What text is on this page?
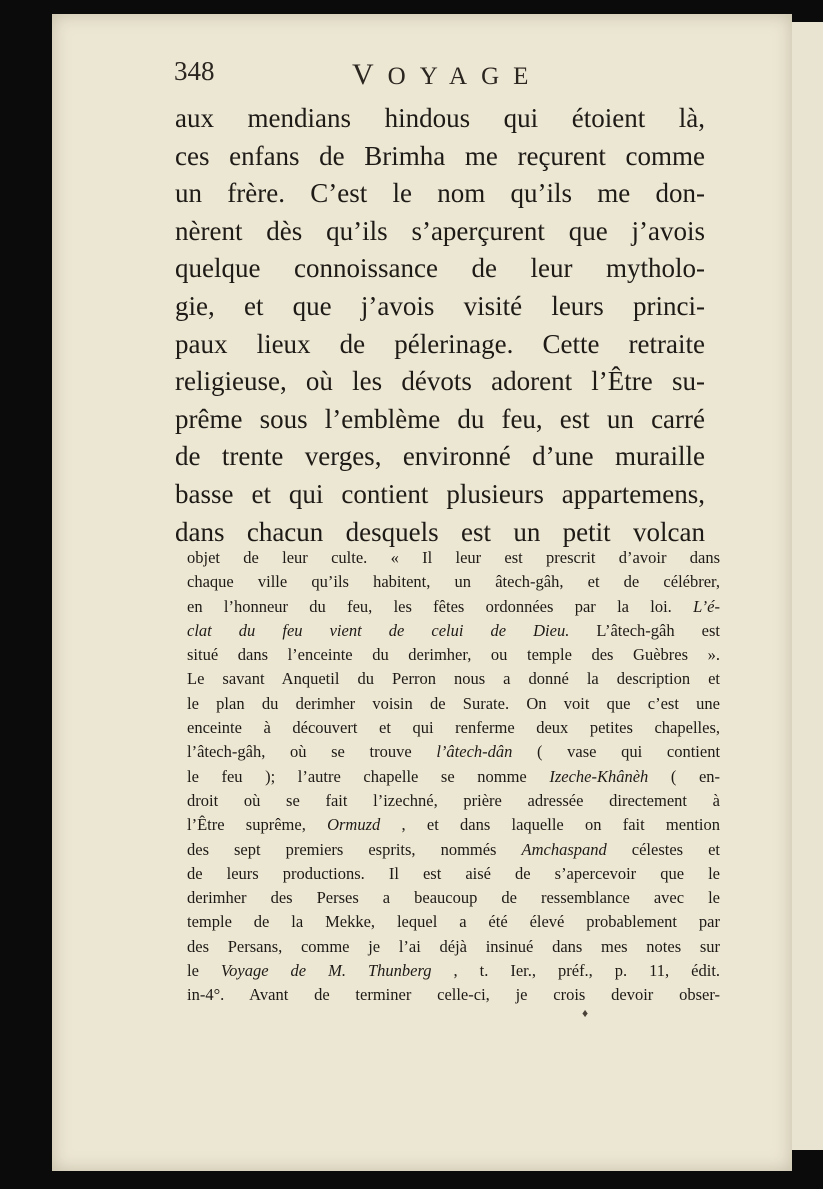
348	VOYAGE
aux mendians hindous qui étoient là,
ces enfans de Brimha me reçurent comme
un frère. C’est le nom qu’ils me don-
nèrent dès qu’ils s’aperçurent que j’avois
quelque connoissance de leur mytholo-
gie, et que j’avois visité leurs princi-
paux lieux de pélerinage. Cette retraite
religieuse, où les dévots adorent l’Être su-
prême sous l’emblème du feu, est un carré
de trente verges, environné d’une muraille
basse et qui contient plusieurs appartemens,
dans chacun desquels est un petit volcan
objet de leur culte. « Il leur est prescrit d’avoir dans
chaque ville qu’ils habitent, un âtech-gâh, et de célébrer,
en l’honneur du feu, les fêtes ordonnées par la loi. L’é-
clat du feu vient de celui de Dieu. L’âtech-gâh est
situé dans l’enceinte du derimher, ou temple des Guèbres ».
Le savant Anquetil du Perron nous a donné la description et
le plan du derimher voisin de Surate. On voit que c’est une
enceinte à découvert et qui renferme deux petites chapelles,
l’âtech-gâh, où se trouve l’âtech-dân ( vase qui contient
le feu ); l’autre chapelle se nomme Izeche-Khânèh ( en-
droit où se fait l’izechné, prière adressée directement à
l’Être suprême, Ormuzd , et dans laquelle on fait mention
des sept premiers esprits, nommés Amchaspand célestes et
de leurs productions. Il est aisé de s’apercevoir que le
derimher des Perses a beaucoup de ressemblance avec le
temple de la Mekke, lequel a été élevé probablement par
des Persans, comme je l’ai déjà insinué dans mes notes sur
le Voyage de M. Thunberg , t. Ier., préf., p. 11, édit.
in-4°. Avant de terminer celle-ci, je crois devoir obser-
♦
